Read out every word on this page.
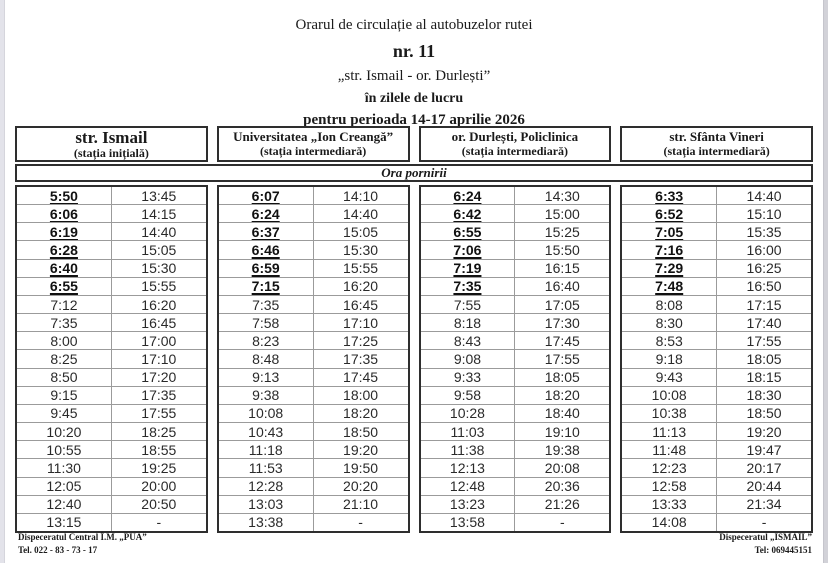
Orarul de circulație al autobuzelor rutei
nr. 11
„str. Ismail - or. Durlești”
în zilele de lucru
pentru perioada 14-17 aprilie 2026
str. Ismail
(stația inițială)
Universitatea „Ion Creangă”
(stația intermediară)
or. Durlești, Policlinica
(stația intermediară)
str. Sfânta Vineri
(stația intermediară)
Ora pornirii
5:50	13:45
6:06	14:15
6:19	14:40
6:28	15:05
6:40	15:30
6:55	15:55
7:12	16:20
7:35	16:45
8:00	17:00
8:25	17:10
8:50	17:20
9:15	17:35
9:45	17:55
10:20	18:25
10:55	18:55
11:30	19:25
12:05	20:00
12:40	20:50
13:15	-
6:07	14:10
6:24	14:40
6:37	15:05
6:46	15:30
6:59	15:55
7:15	16:20
7:35	16:45
7:58	17:10
8:23	17:25
8:48	17:35
9:13	17:45
9:38	18:00
10:08	18:20
10:43	18:50
11:18	19:20
11:53	19:50
12:28	20:20
13:03	21:10
13:38	-
6:24	14:30
6:42	15:00
6:55	15:25
7:06	15:50
7:19	16:15
7:35	16:40
7:55	17:05
8:18	17:30
8:43	17:45
9:08	17:55
9:33	18:05
9:58	18:20
10:28	18:40
11:03	19:10
11:38	19:38
12:13	20:08
12:48	20:36
13:23	21:26
13:58	-
6:33	14:40
6:52	15:10
7:05	15:35
7:16	16:00
7:29	16:25
7:48	16:50
8:08	17:15
8:30	17:40
8:53	17:55
9:18	18:05
9:43	18:15
10:08	18:30
10:38	18:50
11:13	19:20
11:48	19:47
12:23	20:17
12:58	20:44
13:33	21:34
14:08	-
Dispeceratul Central Î.M. „PUA”
Tel. 022 - 83 - 73 - 17
Dispeceratul „ISMAIL”
Tel: 069445151
